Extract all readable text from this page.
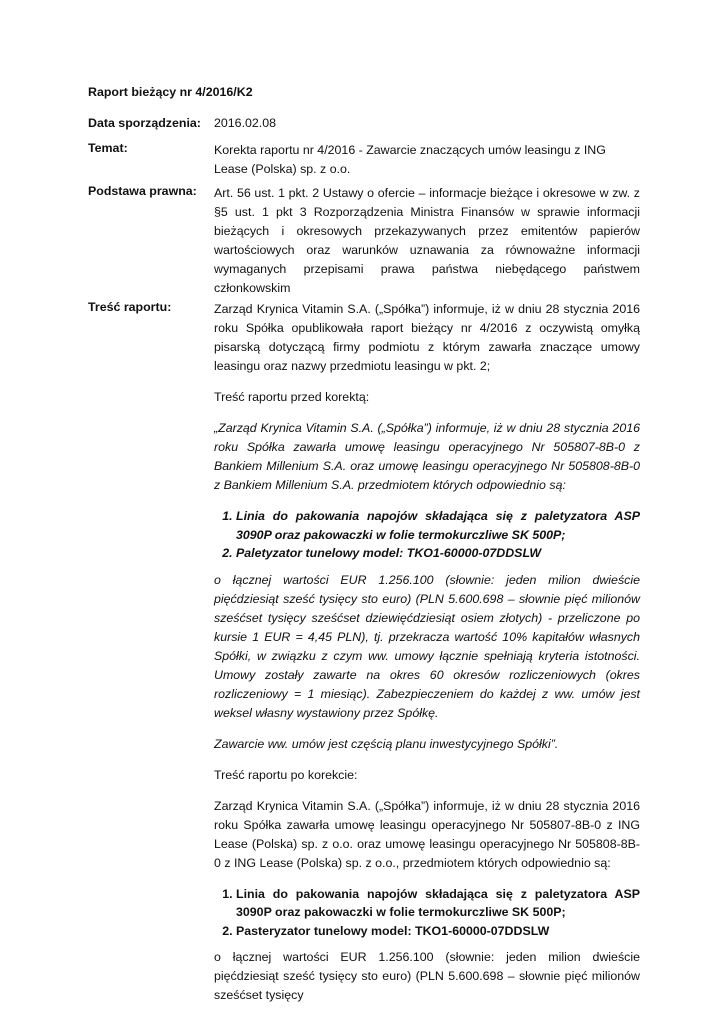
Raport bieżący nr 4/2016/K2
Data sporządzenia:	2016.02.08
Temat:	Korekta raportu nr 4/2016 - Zawarcie znaczących umów leasingu z ING Lease (Polska) sp. z o.o.
Podstawa prawna:	Art. 56 ust. 1 pkt. 2 Ustawy o ofercie – informacje bieżące i okresowe w zw. z §5 ust. 1 pkt 3 Rozporządzenia Ministra Finansów w sprawie informacji bieżących i okresowych przekazywanych przez emitentów papierów wartościowych oraz warunków uznawania za równoważne informacji wymaganych przepisami prawa państwa niebędącego państwem członkowskim
Treść raportu:	Zarząd Krynica Vitamin S.A. („Spółka”) informuje, iż w dniu 28 stycznia 2016 roku Spółka opublikowała raport bieżący nr 4/2016 z oczywistą omyłką pisarską dotyczącą firmy podmiotu z którym zawarła znaczące umowy leasingu oraz nazwy przedmiotu leasingu w pkt. 2;

Treść raportu przed korektą:

„Zarząd Krynica Vitamin S.A. („Spółka”) informuje, iż w dniu 28 stycznia 2016 roku Spółka zawarła umowę leasingu operacyjnego Nr 505807-8B-0 z Bankiem Millenium S.A. oraz umowę leasingu operacyjnego Nr 505808-8B-0 z Bankiem Millenium S.A. przedmiotem których odpowiednio są:

1. Linia do pakowania napojów składająca się z paletyzatora ASP 3090P oraz pakowaczki w folie termokurczliwe SK 500P;
2. Paletyzator tunelowy model: TKO1-60000-07DDSLW

o łącznej wartości EUR 1.256.100 (słownie: jeden milion dwieście pięćdziesiąt sześć tysięcy sto euro) (PLN 5.600.698 – słownie pięć milionów sześćset tysięcy sześćset dziewięćdziesiąt osiem złotych) - przeliczone po kursie 1 EUR = 4,45 PLN), tj. przekracza wartość 10% kapitałów własnych Spółki, w związku z czym ww. umowy łącznie spełniają kryteria istotności. Umowy zostały zawarte na okres 60 okresów rozliczeniowych (okres rozliczeniowy = 1 miesiąc). Zabezpieczeniem do każdej z ww. umów jest weksel własny wystawiony przez Spółkę.

Zawarcie ww. umów jest częścią planu inwestycyjnego Spółki”.

Treść raportu po korekcie:

Zarząd Krynica Vitamin S.A. („Spółka”) informuje, iż w dniu 28 stycznia 2016 roku Spółka zawarła umowę leasingu operacyjnego Nr 505807-8B-0 z ING Lease (Polska) sp. z o.o. oraz umowę leasingu operacyjnego Nr 505808-8B-0 z ING Lease (Polska) sp. z o.o., przedmiotem których odpowiednio są:

1. Linia do pakowania napojów składająca się z paletyzatora ASP 3090P oraz pakowaczki w folie termokurczliwe SK 500P;
2. Pasteryzator tunelowy model: TKO1-60000-07DDSLW

o łącznej wartości EUR 1.256.100 (słownie: jeden milion dwieście pięćdziesiąt sześć tysięcy sto euro) (PLN 5.600.698 – słownie pięć milionów sześćset tysięcy
